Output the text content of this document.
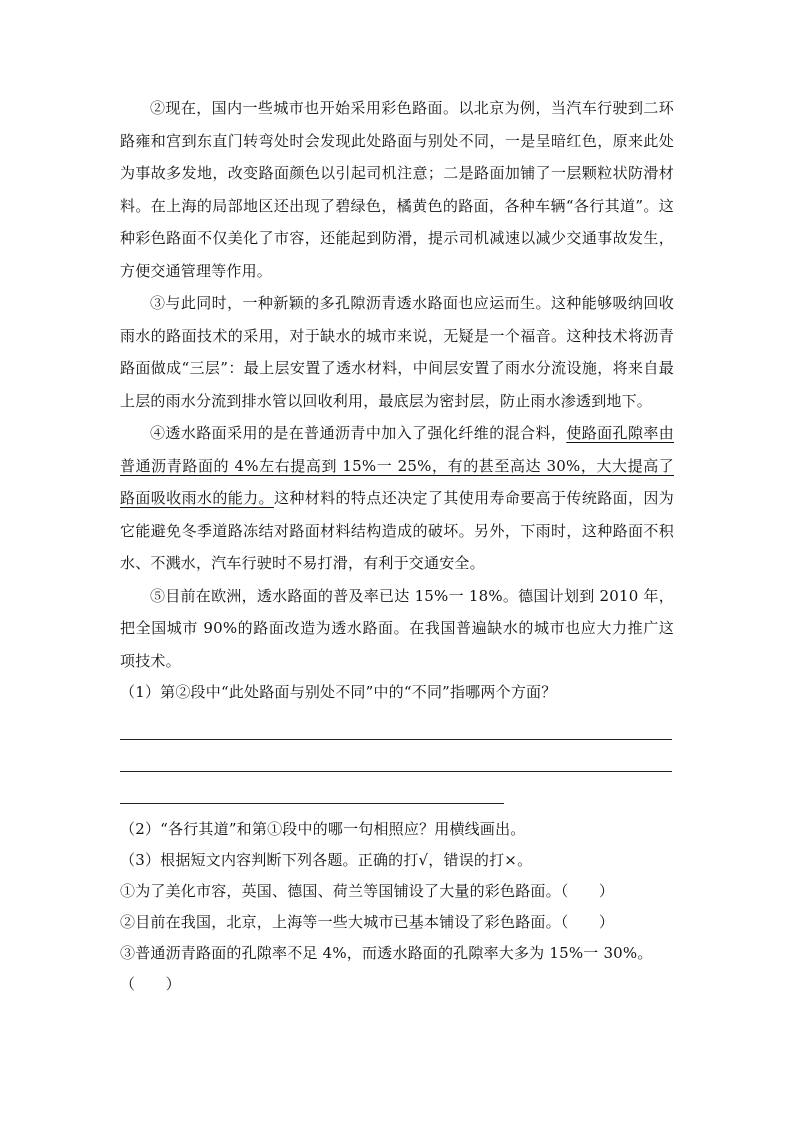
②现在，国内一些城市也开始采用彩色路面。以北京为例，当汽车行驶到二环路雍和宫到东直门转弯处时会发现此处路面与别处不同，一是呈暗红色，原来此处为事故多发地，改变路面颜色以引起司机注意；二是路面加铺了一层颗粒状防滑材料。在上海的局部地区还出现了碧绿色，橘黄色的路面，各种车辆“各行其道”。这种彩色路面不仅美化了市容，还能起到防滑，提示司机减速以减少交通事故发生，方便交通管理等作用。

③与此同时，一种新颖的多孔隙沥青透水路面也应运而生。这种能够吸纳回收雨水的路面技术的采用，对于缺水的城市来说，无疑是一个福音。这种技术将沥青路面做成“三层”：最上层安置了透水材料，中间层安置了雨水分流设施，将来自最上层的雨水分流到排水管以回收利用，最底层为密封层，防止雨水渗透到地下。

④透水路面采用的是在普通沥青中加入了强化纤维的混合料，使路面孔隙率由普通沥青路面的 4%左右提高到 15%一 25%，有的甚至高达 30%，大大提高了路面吸收雨水的能力。这种材料的特点还决定了其使用寿命要高于传统路面，因为它能避免冬季道路冻结对路面材料结构造成的破坏。另外，下雨时，这种路面不积水、不溅水，汽车行驶时不易打滑，有利于交通安全。

⑤目前在欧洲，透水路面的普及率已达 15%一 18%。德国计划到 2010 年，把全国城市 90%的路面改造为透水路面。在我国普遍缺水的城市也应大力推广这项技术。

（1）第②段中“此处路面与别处不同”中的“不同”指哪两个方面？

（2）“各行其道”和第①段中的哪一句相照应？用横线画出。

（3）根据短文内容判断下列各题。正确的打√，错误的打×。

①为了美化市容，英国、德国、荷兰等国铺设了大量的彩色路面。（　　）

②目前在我国，北京，上海等一些大城市已基本铺设了彩色路面。（　　）

③普通沥青路面的孔隙率不足 4%，而透水路面的孔隙率大多为 15%一 30%。

（　　）
